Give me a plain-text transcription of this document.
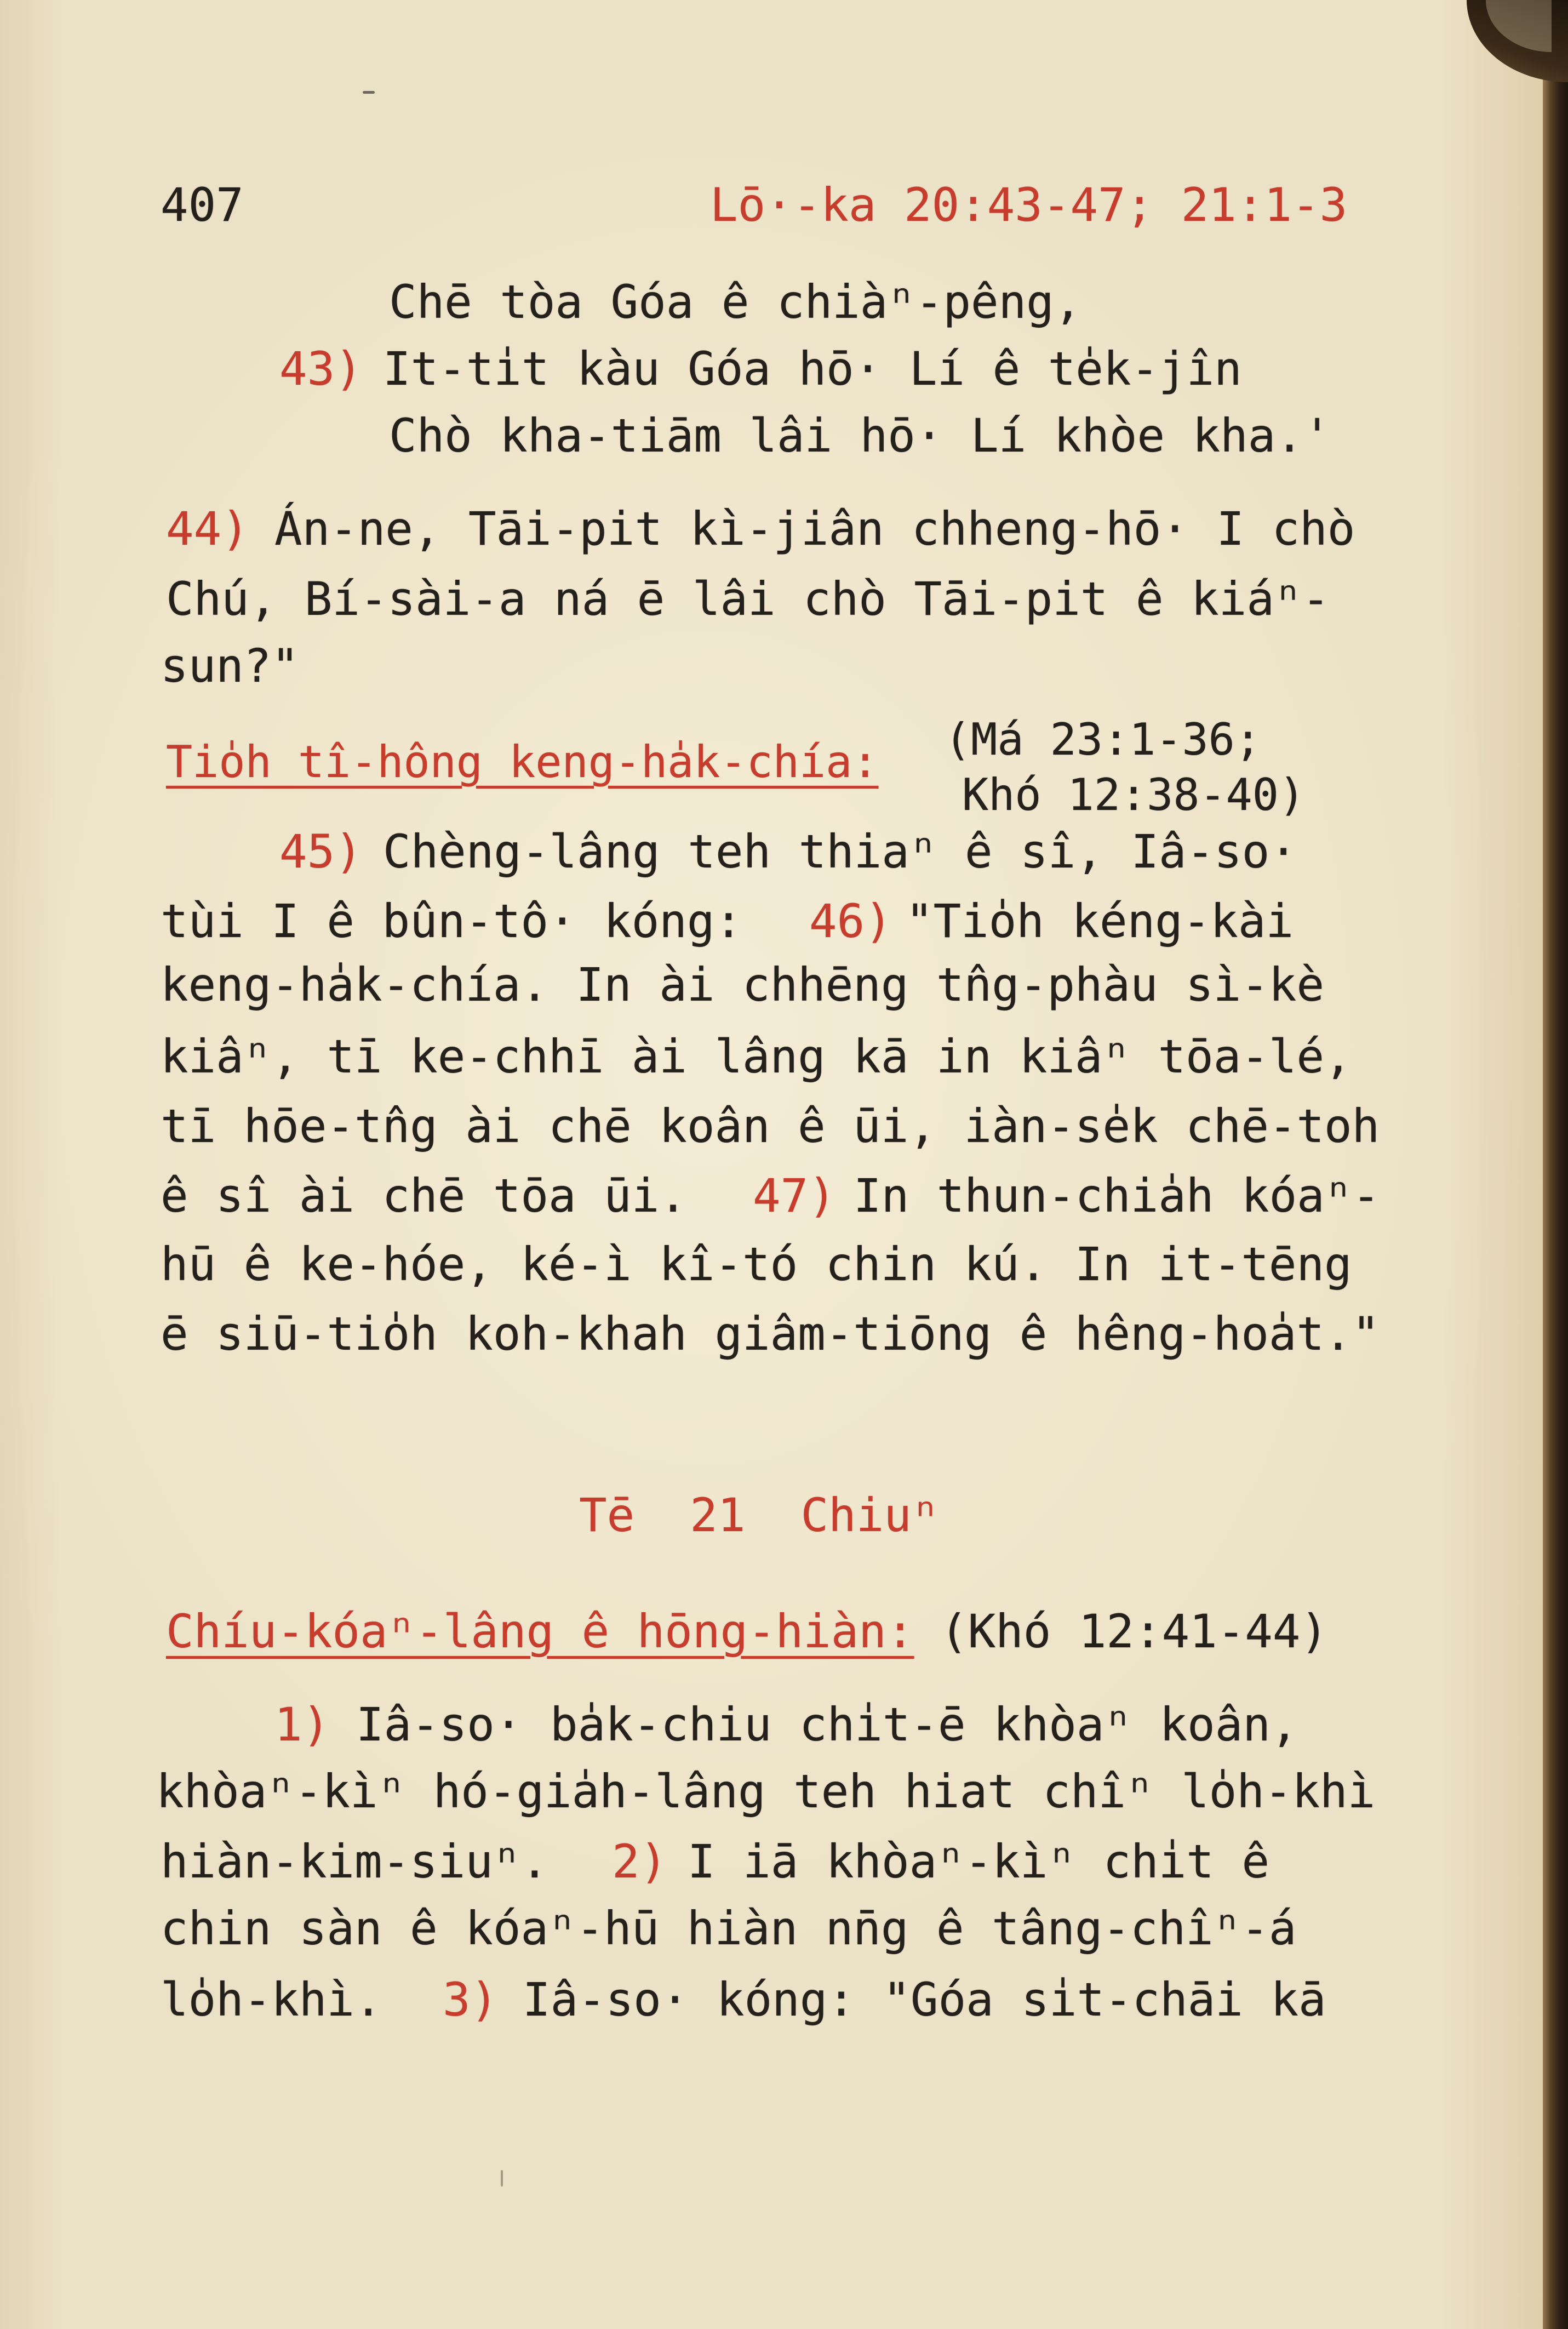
407	Lō·-ka 20:43-47; 21:1-3
Chē tòa Góa ê chiàⁿ-pêng,
43) It-ti̍t kàu Góa hō· Lí ê te̍k-jîn
Chò kha-tiām lâi hō· Lí khòe kha.'
44) Án-ne, Tāi-pit kì-jiân chheng-hō· I chò
Chú, Bí-sài-a ná ē lâi chò Tāi-pit ê kiáⁿ-
sun?"
Tio̍h tî-hông keng-ha̍k-chía: (Má 23:1-36;
Khó 12:38-40)
45) Chèng-lâng teh thiaⁿ ê sî, Iâ-so·
tùi I ê bûn-tô· kóng: 46) "Tio̍h kéng-kài
keng-ha̍k-chía. In ài chhēng tn̂g-phàu sì-kè
kiâⁿ, tī ke-chhī ài lâng kā in kiâⁿ tōa-lé,
tī hōe-tn̂g ài chē koân ê ūi, iàn-se̍k chē-toh
ê sî ài chē tōa ūi. 47) In thun-chia̍h kóaⁿ-
hū ê ke-hóe, ké-ì kî-tó chin kú. In it-tēng
ē siū-tio̍h koh-khah giâm-tiōng ê hêng-hoa̍t."
Tē 21 Chiuⁿ
Chíu-kóaⁿ-lâng ê hōng-hiàn: (Khó 12:41-44)
1) Iâ-so· ba̍k-chiu chi̍t-ē khòaⁿ koân,
khòaⁿ-kìⁿ hó-gia̍h-lâng teh hiat chîⁿ lo̍h-khì
hiàn-kim-siuⁿ. 2) I iā khòaⁿ-kìⁿ chi̍t ê
chin sàn ê kóaⁿ-hū hiàn nn̄g ê tâng-chîⁿ-á
lo̍h-khì. 3) Iâ-so· kóng: "Góa si̍t-chāi kā
